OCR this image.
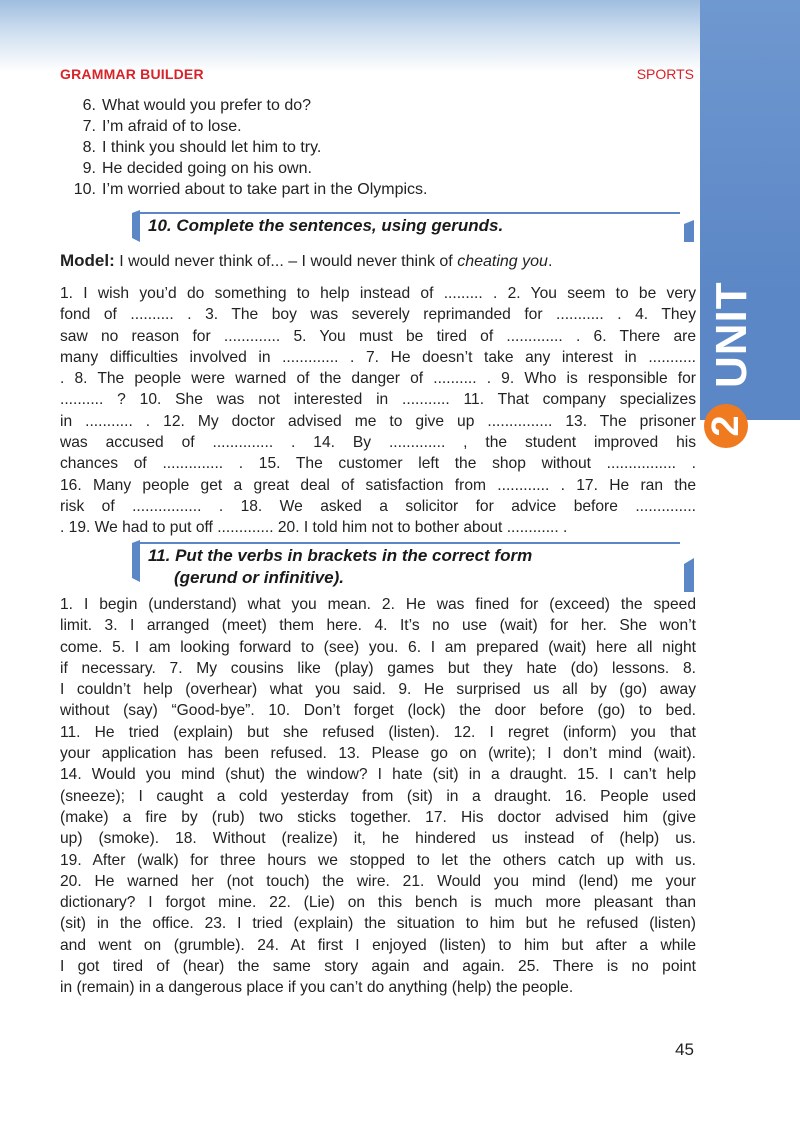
GRAMMAR BUILDER	SPORTS
UNIT
2
6. What would you prefer to do?
7. I’m afraid of to lose.
8. I think you should let him to try.
9. He decided going on his own.
10. I’m worried about to take part in the Olympics.
10. Complete the sentences, using gerunds.
Model: I would never think of... – I would never think of cheating you.

1. I wish you’d do something to help instead of ......... . 2. You seem to be very

fond of .......... . 3. The boy was severely reprimanded for ........... . 4. They

saw no reason for ............. 5. You must be tired of ............. . 6. There are

many difficulties involved in ............. . 7. He doesn’t take any interest in ...........

. 8. The people were warned of the danger of .......... . 9. Who is responsible for

.......... ? 10. She was not interested in ........... 11. That company specializes

in ........... . 12. My doctor advised me to give up ............... 13. The prisoner

was accused of .............. . 14. By ............. , the student improved his

chances of .............. . 15. The customer left the shop without ................ .

16. Many people get a great deal of satisfaction from ............ . 17. He ran the

risk of ................ . 18. We asked a solicitor for advice before ..............

. 19. We had to put off ............. 20. I told him not to bother about ............ .

11. Put the verbs in brackets in the correct form
(gerund or infinitive).

1. I begin (understand) what you mean. 2. He was fined for (exceed) the speed

limit. 3. I arranged (meet) them here. 4. It’s no use (wait) for her. She won’t

come. 5. I am looking forward to (see) you. 6. I am prepared (wait) here all night

if necessary. 7. My cousins like (play) games but they hate (do) lessons. 8.

I couldn’t help (overhear) what you said. 9. He surprised us all by (go) away

without (say) “Good-bye”. 10. Don’t forget (lock) the door before (go) to bed.

11. He tried (explain) but she refused (listen). 12. I regret (inform) you that

your application has been refused. 13. Please go on (write); I don’t mind (wait).

14. Would you mind (shut) the window? I hate (sit) in a draught. 15. I can’t help

(sneeze); I caught a cold yesterday from (sit) in a draught. 16. People used

(make) a fire by (rub) two sticks together. 17. His doctor advised him (give

up) (smoke). 18. Without (realize) it, he hindered us instead of (help) us.

19. After (walk) for three hours we stopped to let the others catch up with us.

20. He warned her (not touch) the wire. 21. Would you mind (lend) me your

dictionary? I forgot mine. 22. (Lie) on this bench is much more pleasant than

(sit) in the office. 23. I tried (explain) the situation to him but he refused (listen)

and went on (grumble). 24. At first I enjoyed (listen) to him but after a while

I got tired of (hear) the same story again and again. 25. There is no point

in (remain) in a dangerous place if you can’t do anything (help) the people.

45
